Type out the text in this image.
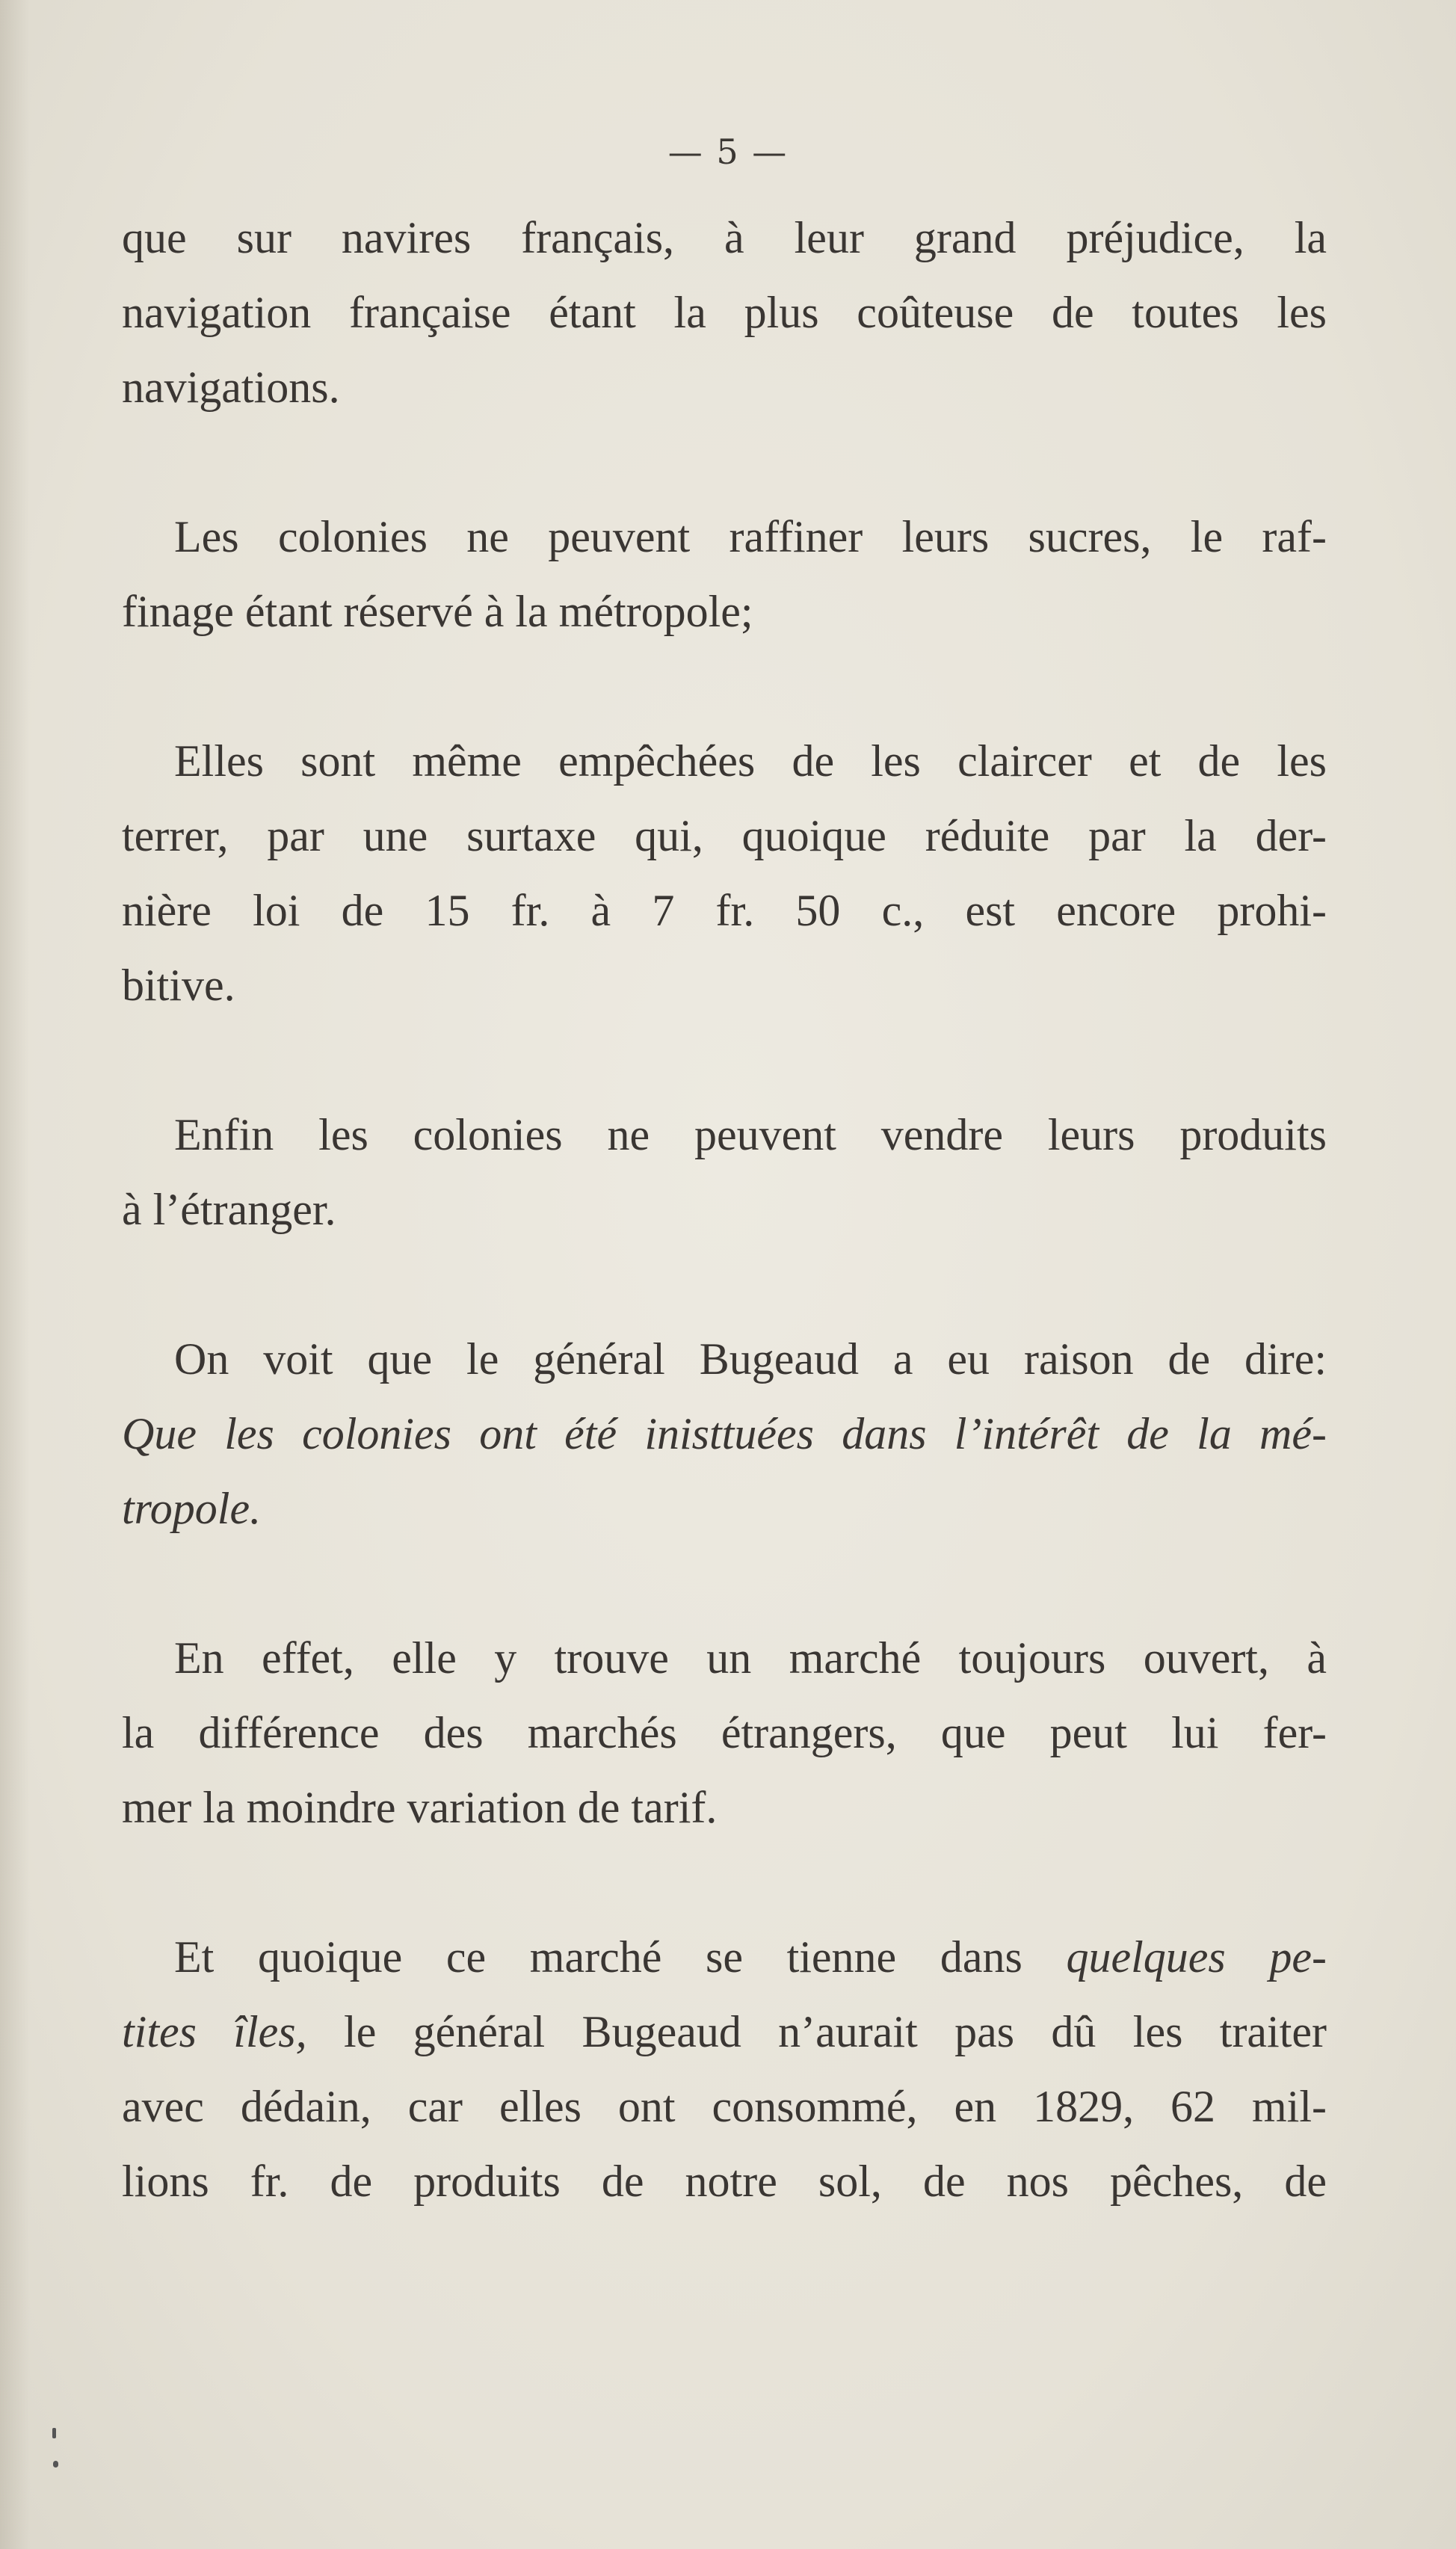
— 5 —

que sur navires français, à leur grand préjudice, la
navigation française étant la plus coûteuse de toutes les
navigations.

Les colonies ne peuvent raffiner leurs sucres, le raf-
finage étant réservé à la métropole;

Elles sont même empêchées de les claircer et de les
terrer, par une surtaxe qui, quoique réduite par la der-
nière loi de 15 fr. à 7 fr. 50 c., est encore prohi-
bitive.

Enfin les colonies ne peuvent vendre leurs produits
à l’étranger.

On voit que le général Bugeaud a eu raison de dire:
Que les colonies ont été inisttuées dans l’intérêt de la mé-
tropole.

En effet, elle y trouve un marché toujours ouvert, à
la différence des marchés étrangers, que peut lui fer-
mer la moindre variation de tarif.

Et quoique ce marché se tienne dans quelques pe-
tites îles, le général Bugeaud n’aurait pas dû les traiter
avec dédain, car elles ont consommé, en 1829, 62 mil-
lions fr. de produits de notre sol, de nos pêches, de
